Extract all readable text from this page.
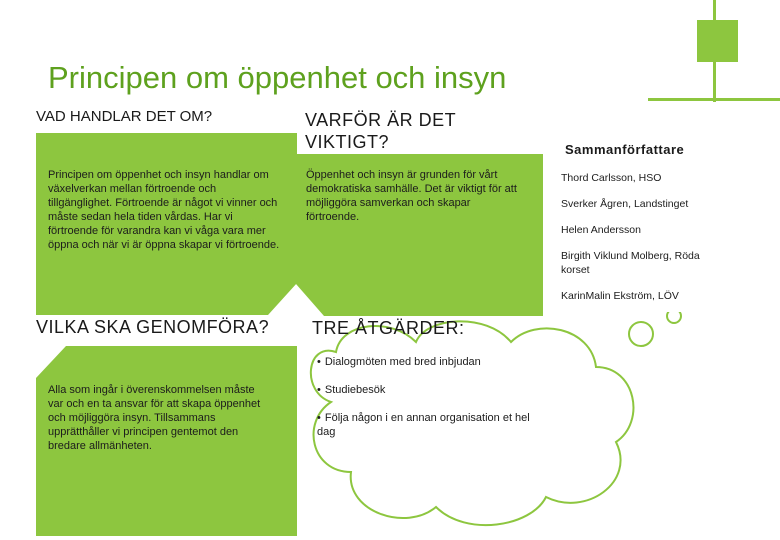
Principen om öppenhet och insyn
VAD HANDLAR DET OM?
Principen om öppenhet och insyn handlar om växelverkan mellan förtroende och tillgänglighet. Förtroende är något vi vinner och måste sedan hela tiden vårdas. Har vi förtroende för varandra kan vi våga vara mer öppna och när vi är öppna skapar vi förtroende.
VARFÖR ÄR DET VIKTIGT?
Öppenhet och insyn är grunden för vårt demokratiska samhälle. Det är viktigt för att möjliggöra samverkan och skapar förtroende.
VILKA SKA GENOMFÖRA?
Alla som ingår i överenskommelsen måste var och en ta ansvar för att skapa öppenhet och möjliggöra insyn. Tillsammans upprätthåller vi principen gentemot den bredare allmänheten.
TRE ÅTGÄRDER:
• Dialogmöten med bred inbjudan
• Studiebesök
• Följa någon i en annan organisation et hel dag
Sammanförfattare
Thord Carlsson, HSO
Sverker Ågren, Landstinget
Helen Andersson
Birgith Viklund Molberg, Röda korset
KarinMalin Ekström, LÖV
